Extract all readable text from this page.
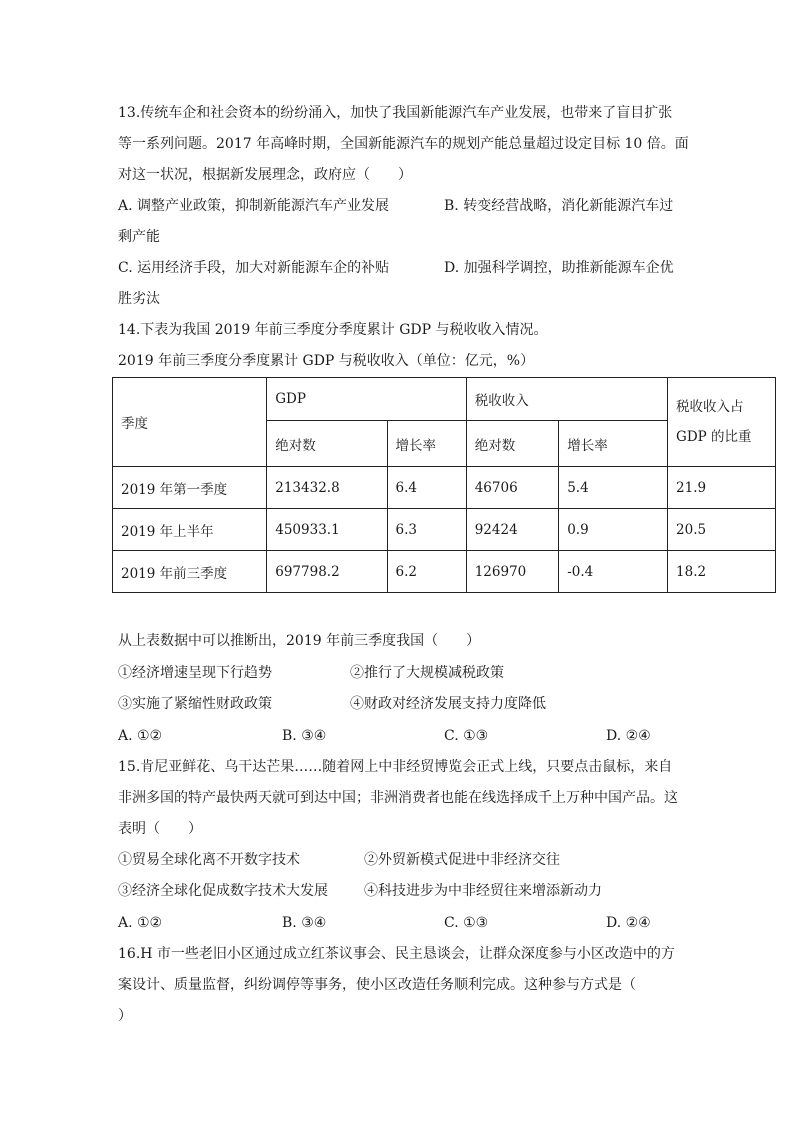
13.传统车企和社会资本的纷纷涌入，加快了我国新能源汽车产业发展，也带来了盲目扩张
等一系列问题。2017 年高峰时期，全国新能源汽车的规划产能总量超过设定目标 10 倍。面
对这一状况，根据新发展理念，政府应（　　）
A. 调整产业政策，抑制新能源汽车产业发展	B. 转变经营战略，消化新能源汽车过
剩产能
C. 运用经济手段，加大对新能源车企的补贴	D. 加强科学调控，助推新能源车企优
胜劣汰
14.下表为我国 2019 年前三季度分季度累计 GDP 与税收收入情况。
2019 年前三季度分季度累计 GDP 与税收收入（单位：亿元，%）
季度	GDP		税收收入		税收收入占
GDP 的比重

	绝对数	增长率	绝对数	增长率	
2019 年第一季度	213432.8	6.4	46706	5.4	21.9
2019 年上半年	450933.1	6.3	92424	0.9	20.5
2019 年前三季度	697798.2	6.2	126970	-0.4	18.2
从上表数据中可以推断出，2019 年前三季度我国（　　）
①经济增速呈现下行趋势	②推行了大规模减税政策
③实施了紧缩性财政政策	④财政对经济发展支持力度降低
A. ①②	B. ③④	C. ①③	D. ②④
15.肯尼亚鲜花、乌干达芒果……随着网上中非经贸博览会正式上线，只要点击鼠标，来自
非洲多国的特产最快两天就可到达中国；非洲消费者也能在线选择成千上万种中国产品。这
表明（　　）
①贸易全球化离不开数字技术	②外贸新模式促进中非经济交往
③经济全球化促成数字技术大发展	④科技进步为中非经贸往来增添新动力
A. ①②	B. ③④	C. ①③	D. ②④
16.H 市一些老旧小区通过成立红茶议事会、民主恳谈会，让群众深度参与小区改造中的方
案设计、质量监督，纠纷调停等事务，使小区改造任务顺利完成。这种参与方式是（
）
